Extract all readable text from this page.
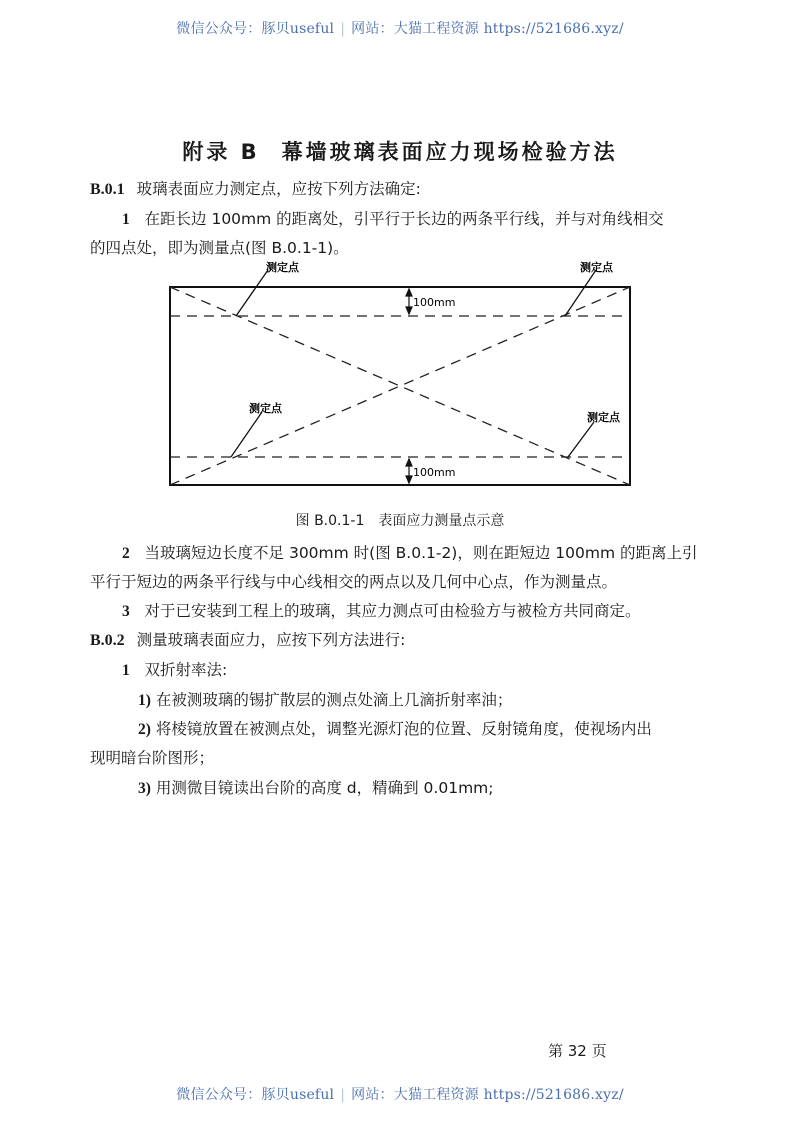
微信公众号：豚贝useful | 网站：大猫工程资源 https://521686.xyz/
附录 B 幕墙玻璃表面应力现场检验方法
B.0.1 玻璃表面应力测定点，应按下列方法确定:
1 在距长边 100mm 的距离处，引平行于长边的两条平行线，并与对角线相交
的四点处，即为测量点(图 B.0.1-1)。
测定点	测定点
测定点
测定点
100mm
100mm
图 B.0.1-1 表面应力测量点示意
2 当玻璃短边长度不足 300mm 时(图 B.0.1-2)，则在距短边 100mm 的距离上引
平行于短边的两条平行线与中心线相交的两点以及几何中心点，作为测量点。
3 对于已安装到工程上的玻璃，其应力测点可由检验方与被检方共同商定。
B.0.2 测量玻璃表面应力，应按下列方法进行:
1 双折射率法:
1) 在被测玻璃的锡扩散层的测点处滴上几滴折射率油；
2) 将棱镜放置在被测点处，调整光源灯泡的位置、反射镜角度，使视场内出
现明暗台阶图形；
3) 用测微目镜读出台阶的高度 d，精确到 0.01mm;
第 32 页
微信公众号：豚贝useful | 网站：大猫工程资源 https://521686.xyz/
